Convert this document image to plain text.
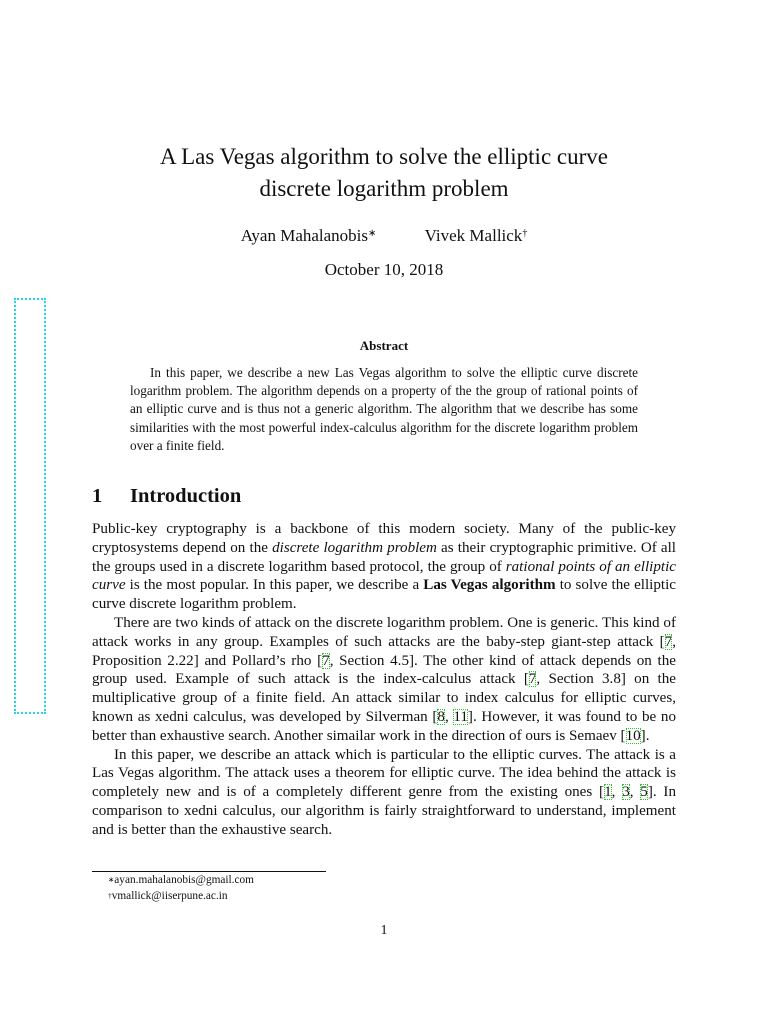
A Las Vegas algorithm to solve the elliptic curve
discrete logarithm problem
Ayan Mahalanobis∗	Vivek Mallick†
October 10, 2018
Abstract

In this paper, we describe a new Las Vegas algorithm to solve the elliptic curve discrete logarithm problem. The algorithm depends on a property of the the group of rational points of an elliptic curve and is thus not a generic algorithm. The algorithm that we describe has some similarities with the most powerful index-calculus algorithm for the discrete logarithm problem over a finite field.

1 Introduction

Public-key cryptography is a backbone of this modern society. Many of the public-key cryptosystems depend on the discrete logarithm problem as their cryptographic primitive. Of all the groups used in a discrete logarithm based protocol, the group of rational points of an elliptic curve is the most popular. In this paper, we describe a Las Vegas algorithm to solve the elliptic curve discrete logarithm problem.

There are two kinds of attack on the discrete logarithm problem. One is generic. This kind of attack works in any group. Examples of such attacks are the baby-step giant-step attack [7, Proposition 2.22] and Pollard’s rho [7, Section 4.5]. The other kind of attack depends on the group used. Example of such attack is the index-calculus attack [7, Section 3.8] on the multiplicative group of a finite field. An attack similar to index calculus for elliptic curves, known as xedni calculus, was developed by Silverman [8, 11]. However, it was found to be no better than exhaustive search. Another simailar work in the direction of ours is Semaev [10].

In this paper, we describe an attack which is particular to the elliptic curves. The attack is a Las Vegas algorithm. The attack uses a theorem for elliptic curve. The idea behind the attack is completely new and is of a completely different genre from the existing ones [1, 3, 5]. In comparison to xedni calculus, our algorithm is fairly straightforward to understand, implement and is better than the exhaustive search.

∗ayan.mahalanobis@gmail.com
†vmallick@iiserpune.ac.in
1
